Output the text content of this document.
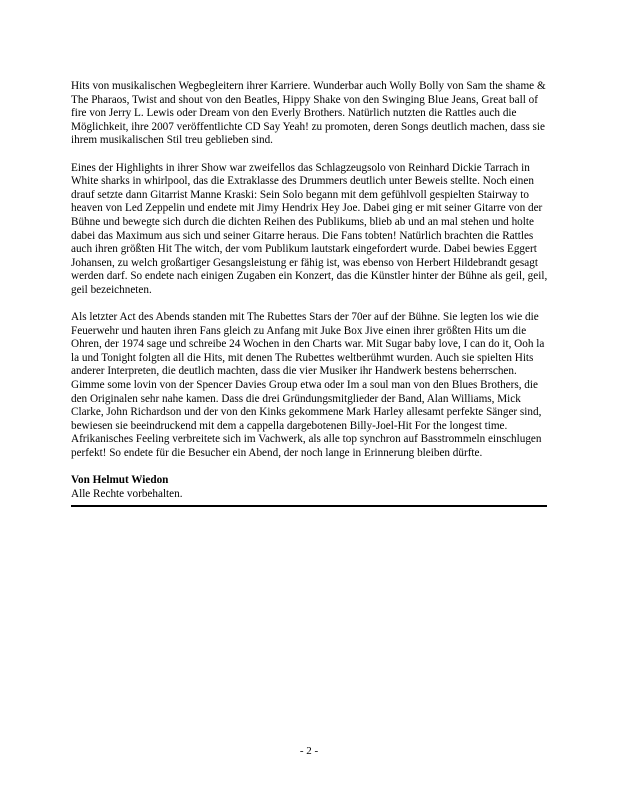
Hits von musikalischen Wegbegleitern ihrer Karriere. Wunderbar auch Wolly Bolly von Sam the shame & The Pharaos, Twist and shout von den Beatles, Hippy Shake von den Swinging Blue Jeans, Great ball of fire von Jerry L. Lewis oder Dream von den Everly Brothers. Natürlich nutzten die Rattles auch die Möglichkeit, ihre 2007 veröffentlichte CD Say Yeah! zu promoten, deren Songs deutlich machen, dass sie ihrem musikalischen Stil treu geblieben sind.

Eines der Highlights in ihrer Show war zweifellos das Schlagzeugsolo von Reinhard Dickie Tarrach in White sharks in whirlpool, das die Extraklasse des Drummers deutlich unter Beweis stellte. Noch einen drauf setzte dann Gitarrist Manne Kraski: Sein Solo begann mit dem gefühlvoll gespielten Stairway to heaven von Led Zeppelin und endete mit Jimy Hendrix Hey Joe. Dabei ging er mit seiner Gitarre von der Bühne und bewegte sich durch die dichten Reihen des Publikums, blieb ab und an mal stehen und holte dabei das Maximum aus sich und seiner Gitarre heraus. Die Fans tobten! Natürlich brachten die Rattles auch ihren größten Hit The witch, der vom Publikum lautstark eingefordert wurde. Dabei bewies Eggert Johansen, zu welch großartiger Gesangsleistung er fähig ist, was ebenso von Herbert Hildebrandt gesagt werden darf. So endete nach einigen Zugaben ein Konzert, das die Künstler hinter der Bühne als geil, geil, geil bezeichneten.

Als letzter Act des Abends standen mit The Rubettes Stars der 70er auf der Bühne. Sie legten los wie die Feuerwehr und hauten ihren Fans gleich zu Anfang mit Juke Box Jive einen ihrer größten Hits um die Ohren, der 1974 sage und schreibe 24 Wochen in den Charts war. Mit Sugar baby love, I can do it, Ooh la la und Tonight folgten all die Hits, mit denen The Rubettes weltberühmt wurden. Auch sie spielten Hits anderer Interpreten, die deutlich machten, dass die vier Musiker ihr Handwerk bestens beherrschen. Gimme some lovin von der Spencer Davies Group etwa oder Im a soul man von den Blues Brothers, die den Originalen sehr nahe kamen. Dass die drei Gründungsmitglieder der Band, Alan Williams, Mick Clarke, John Richardson und der von den Kinks gekommene Mark Harley allesamt perfekte Sänger sind, bewiesen sie beeindruckend mit dem a cappella dargebotenen Billy-Joel-Hit For the longest time. Afrikanisches Feeling verbreitete sich im Vachwerk, als alle top synchron auf Basstrommeln einschlugen perfekt! So endete für die Besucher ein Abend, der noch lange in Erinnerung bleiben dürfte.

Von Helmut Wiedon

Alle Rechte vorbehalten.

- 2 -
